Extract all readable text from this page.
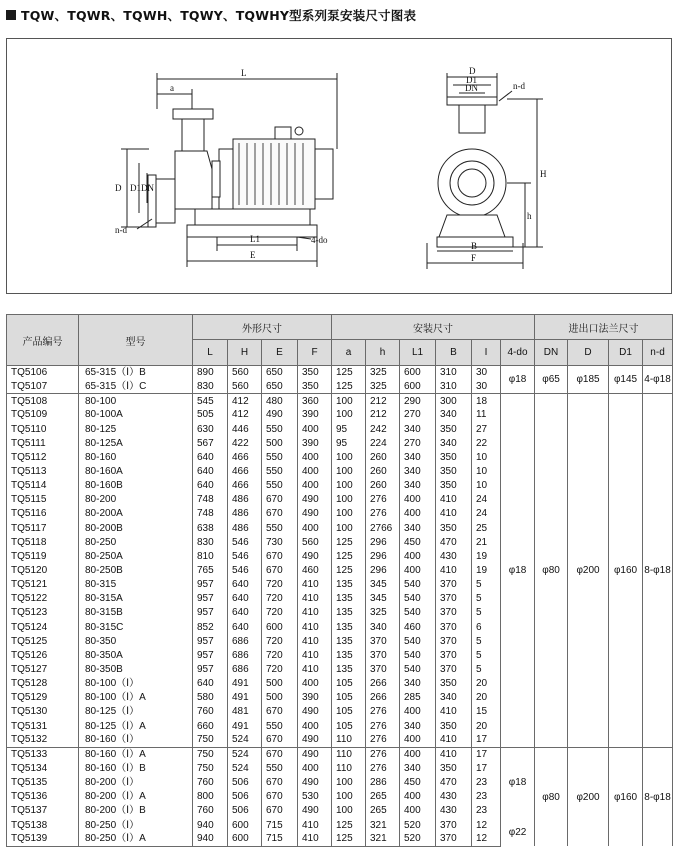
TQW、TQWR、TQWH、TQWY、TQWHY型系列泵安装尺寸图表
L
a
D D1 DN
n-d
L1
E
4-do
D
D1
DN	n-d
H
h
B
F
产品编号	型号	外形尺寸				安装尺寸						进出口法兰尺寸			
		L	H	E	F	a	h	L1	B	I	4-do	DN	D	D1	n-d
TQ5106	65-315（Ⅰ）B	890	560	650	350	125	325	600	310	30	φ18	φ65	φ185	φ145	4-φ18
TQ5107	65-315（Ⅰ）C	830	560	650	350	125	325	600	310	30					
TQ5108	80-100	545	412	480	360	100	212	290	300	18	φ18	φ80	φ200	φ160	8-φ18
TQ5109	80-100A	505	412	490	390	100	212	270	340	11					
TQ5110	80-125	630	446	550	400	95	242	340	350	27					
TQ5111	80-125A	567	422	500	390	95	224	270	340	22					
TQ5112	80-160	640	466	550	400	100	260	340	350	10					
TQ5113	80-160A	640	466	550	400	100	260	340	350	10					
TQ5114	80-160B	640	466	550	400	100	260	340	350	10					
TQ5115	80-200	748	486	670	490	100	276	400	410	24					
TQ5116	80-200A	748	486	670	490	100	276	400	410	24					
TQ5117	80-200B	638	486	550	400	100	2766	340	350	25					
TQ5118	80-250	830	546	730	560	125	296	450	470	21					
TQ5119	80-250A	810	546	670	490	125	296	400	430	19					
TQ5120	80-250B	765	546	670	460	125	296	400	410	19					
TQ5121	80-315	957	640	720	410	135	345	540	370	5					
TQ5122	80-315A	957	640	720	410	135	345	540	370	5					
TQ5123	80-315B	957	640	720	410	135	325	540	370	5					
TQ5124	80-315C	852	640	600	410	135	340	460	370	6					
TQ5125	80-350	957	686	720	410	135	370	540	370	5					
TQ5126	80-350A	957	686	720	410	135	370	540	370	5					
TQ5127	80-350B	957	686	720	410	135	370	540	370	5					
TQ5128	80-100（Ⅰ）	640	491	500	400	105	266	340	350	20					
TQ5129	80-100（Ⅰ）A	580	491	500	390	105	266	285	340	20					
TQ5130	80-125（Ⅰ）	760	481	670	490	105	276	400	410	15					
TQ5131	80-125（Ⅰ）A	660	491	550	400	105	276	340	350	20					
TQ5132	80-160（Ⅰ）	750	524	670	490	110	276	400	410	17					
TQ5133	80-160（Ⅰ）A	750	524	670	490	110	276	400	410	17	φ18	φ80	φ200	φ160	8-φ18
TQ5134	80-160（Ⅰ）B	750	524	550	400	110	276	340	350	17					
TQ5135	80-200（Ⅰ）	760	506	670	490	100	286	450	470	23					
TQ5136	80-200（Ⅰ）A	800	506	670	530	100	265	400	430	23					
TQ5137	80-200（Ⅰ）B	760	506	670	490	100	265	400	430	23					
TQ5138	80-250（Ⅰ）	940	600	715	410	125	321	520	370	12	φ22				
TQ5139	80-250（Ⅰ）A	940	600	715	410	125	321	520	370	12					
